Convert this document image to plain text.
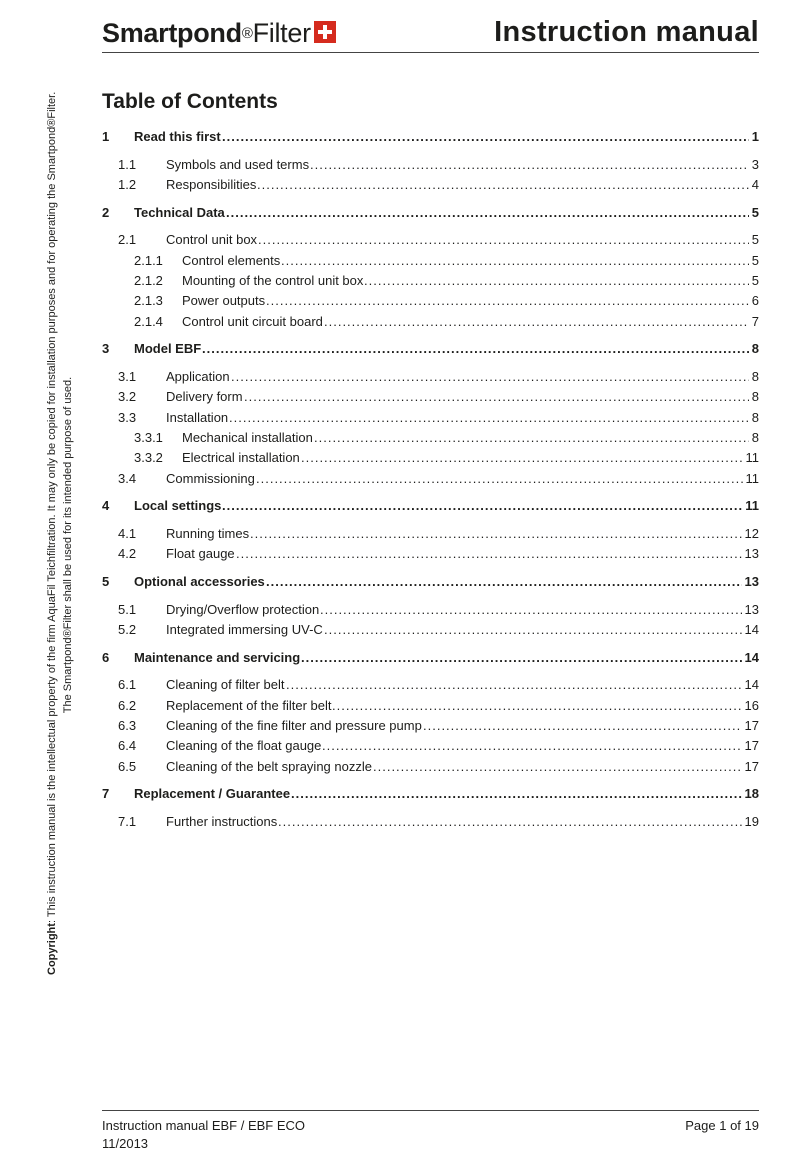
Smartpond®Filter	Instruction manual
Copyright: This instruction manual is the intellectual property of the firm AquaFil Teichfiltration. It may only be copied for installation purposes and for operating the Smartpond®Filter. The Smartpond®Filter shall be used for its intended purpose of used.
Table of Contents
1 Read this first .....	1
1.1 Symbols and used terms .....	3
1.2 Responsibilities .....	4
2 Technical Data .....	5
2.1 Control unit box .....	5
2.1.1 Control elements .....	5
2.1.2 Mounting of the control unit box .....	5
2.1.3 Power outputs .....	6
2.1.4 Control unit circuit board .....	7
3 Model EBF .....	8
3.1 Application .....	8
3.2 Delivery form .....	8
3.3 Installation .....	8
3.3.1 Mechanical installation .....	8
3.3.2 Electrical installation .....	11
3.4 Commissioning .....	11
4 Local settings .....	11
4.1 Running times .....	12
4.2 Float gauge .....	13
5 Optional accessories .....	13
5.1 Drying/Overflow protection .....	13
5.2 Integrated immersing UV-C .....	14
6 Maintenance and servicing .....	14
6.1 Cleaning of filter belt .....	14
6.2 Replacement of the filter belt .....	16
6.3 Cleaning of the fine filter and pressure pump .....	17
6.4 Cleaning of the float gauge .....	17
6.5 Cleaning of the belt spraying nozzle .....	17
7 Replacement / Guarantee .....	18
7.1 Further instructions .....	19
Instruction manual EBF / EBF ECO
11/2013
Page 1 of 19
